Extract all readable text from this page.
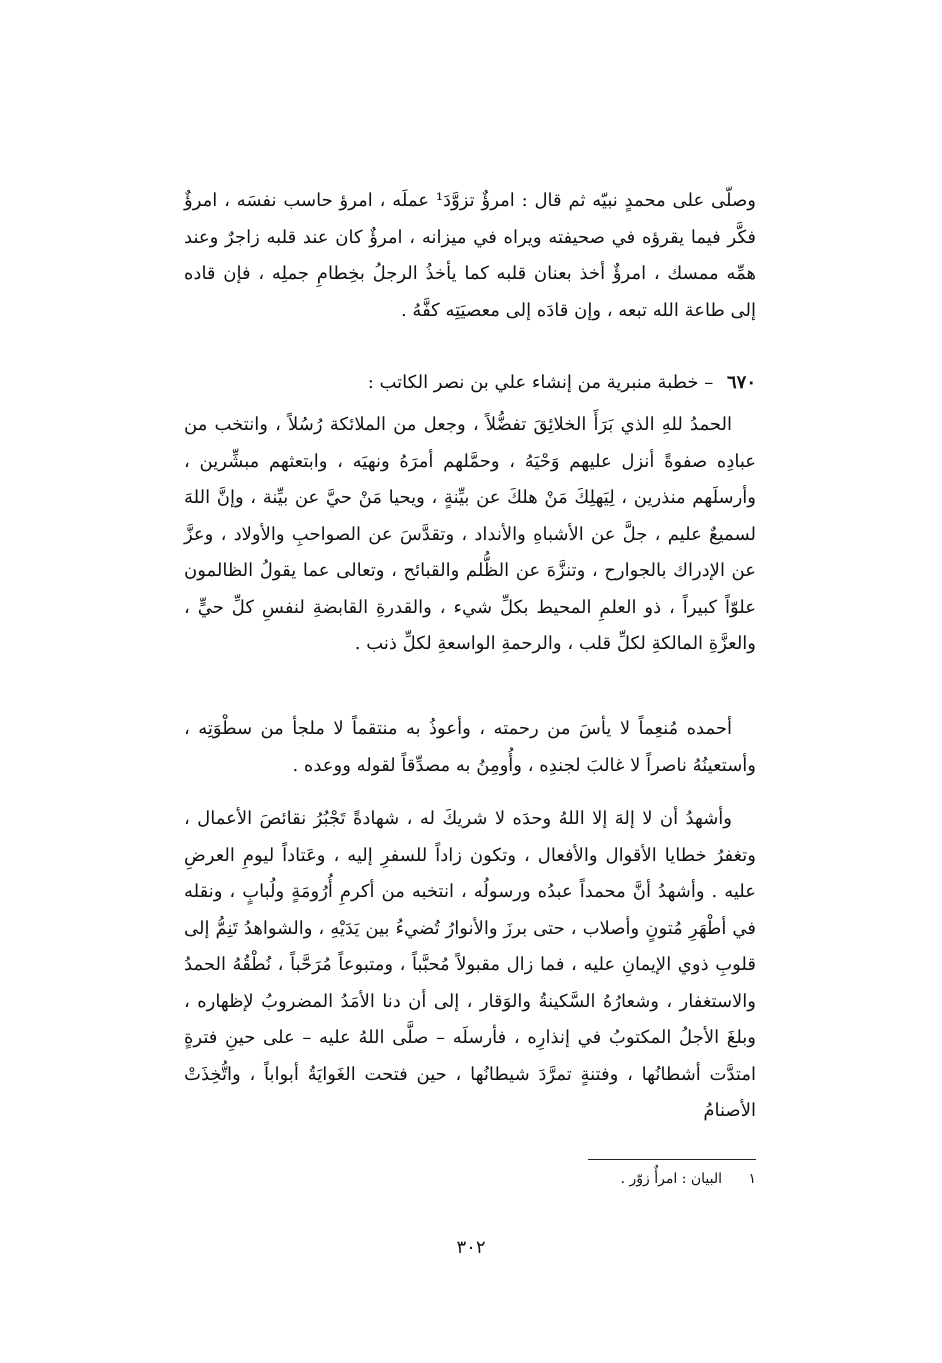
وصلّى على محمدٍ نبيّه ثم قال : امرؤٌ تزوَّدَ¹ عملَه ، امرؤ حاسب نفسَه ، امرؤٌ فكَّر فيما يقرؤه في صحيفته ويراه في ميزانه ، امرؤٌ كان عند قلبه زاجرٌ وعند همِّه ممسك ، امرؤٌ أخذ بعنان قلبه كما يأخذُ الرجلُ بخِطامِ جملِه ، فإن قاده إلى طاعة الله تبعه ، وإن قادَه إلى معصيَتِه كفَّهُ .
٦٧٠ – خطبة منبرية من إنشاء علي بن نصر الكاتب :
الحمدُ للهِ الذي بَرَأَ الخلائِقَ تفضُّلاً ، وجعل من الملائكة رُسُلاً ، وانتخب من عبادِه صفوةً أنزل عليهم وَحْيَهُ ، وحمَّلهم أمرَهُ ونهيَه ، وابتعثهم مبشِّرين ، وأرسلَهم منذرين ، لِيَهلِكَ مَنْ هلكَ عن بيِّنةٍ ، ويحيا مَنْ حيَّ عن بيِّنة ، وإنَّ اللهَ لسميعٌ عليم ، جلَّ عن الأشباهِ والأنداد ، وتقدَّسَ عن الصواحبِ والأولاد ، وعزَّ عن الإدراك بالجوارح ، وتنزَّهَ عن الظُّلم والقبائح ، وتعالى عما يقولُ الظالمون علوّاً كبيراً ، ذو العلمِ المحيط بكلِّ شيء ، والقدرةِ القابضةِ لنفسِ كلِّ حيٍّ ، والعزَّةِ المالكةِ لكلِّ قلب ، والرحمةِ الواسعةِ لكلِّ ذنب .
أحمده مُنعِماً لا يأسَ من رحمته ، وأعوذُ به منتقماً لا ملجأ من سطْوَتِه ، وأستعينُهُ ناصراً لا غالبَ لجندِه ، وأُومِنُ به مصدِّقاً لقوله ووعده .
وأشهدُ أن لا إلهَ إلا اللهُ وحدَه لا شريكَ له ، شهادةً تَجْبُرُ نقائصَ الأعمال ، وتغفرُ خطايا الأقوال والأفعال ، وتكون زاداً للسفرِ إليه ، وعَتاداً ليومِ العرضِ عليه . وأشهدُ أنَّ محمداً عبدُه ورسولُه ، انتخبه من أكرمِ أُرُومَةٍ ولُبابٍ ، ونقله في أطْهَرِ مُتونٍ وأصلاب ، حتى برزَ والأنوارُ تُضيءُ بين يَدَيْهِ ، والشواهدُ تَنِمُّ إلى قلوبِ ذوي الإيمانِ عليه ، فما زال مقبولاً مُحبَّباً ، ومتبوعاً مُرَحَّباً ، نُطْقُهُ الحمدُ والاستغفار ، وشعارُهُ السَّكينةُ والوَقار ، إلى أن دنا الأمَدُ المضروبُ لإظهاره ، وبلغَ الأجلُ المكتوبُ في إنذارِه ، فأرسلَه – صلَّى اللهُ عليه – على حينِ فترةٍ امتدَّت أشطانُها ، وفتنةٍ تمرَّدَ شيطانُها ، حين فتحت الغَوايَةُ أبواباً ، واتُّخِذَتْ الأصنامُ
١ البيان : امرأٌ زوّر .
٣٠٢
